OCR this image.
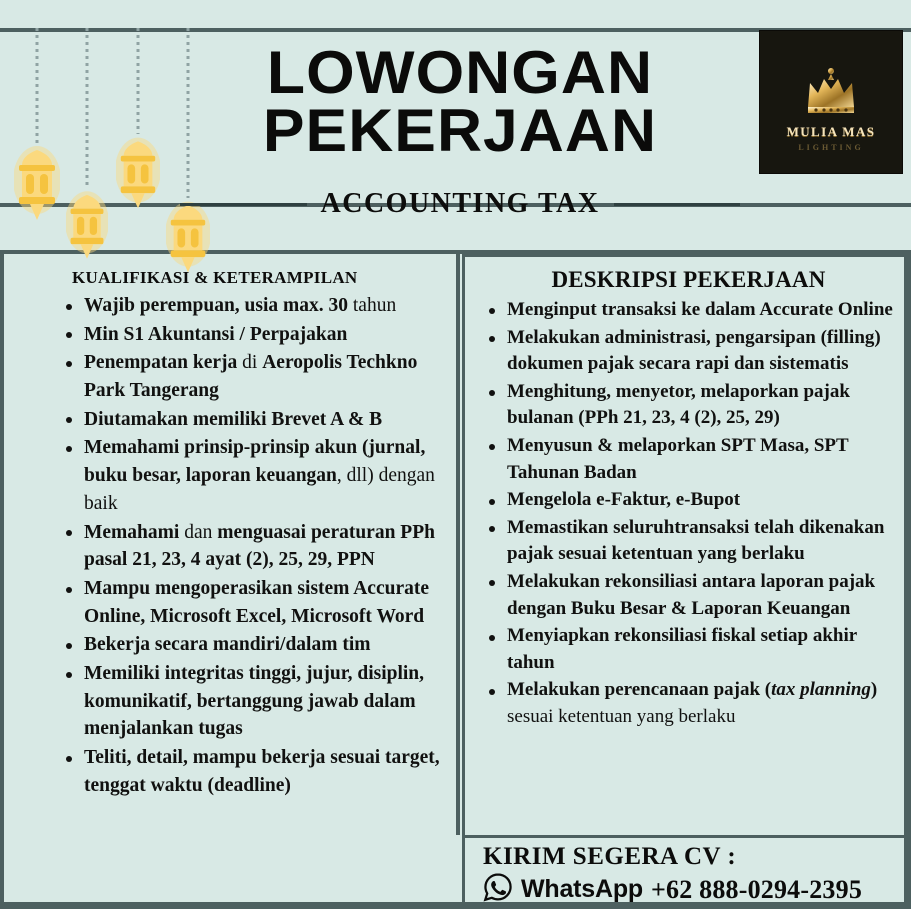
LOWONGAN
PEKERJAAN
ACCOUNTING TAX
MULIA MAS
LIGHTING
KUALIFIKASI & KETERAMPILAN
Wajib perempuan, usia max. 30 tahun
Min S1 Akuntansi / Perpajakan
Penempatan kerja di Aeropolis Techkno Park Tangerang
Diutamakan memiliki Brevet A & B
Memahami prinsip-prinsip akun (jurnal, buku besar, laporan keuangan, dll) dengan baik
Memahami dan menguasai peraturan PPh pasal 21, 23, 4 ayat (2), 25, 29, PPN
Mampu mengoperasikan sistem Accurate Online, Microsoft Excel, Microsoft Word
Bekerja secara mandiri/dalam tim
Memiliki integritas tinggi, jujur, disiplin, komunikatif, bertanggung jawab dalam menjalankan tugas
Teliti, detail, mampu bekerja sesuai target, tenggat waktu (deadline)
DESKRIPSI PEKERJAAN
Menginput transaksi ke dalam Accurate Online
Melakukan administrasi, pengarsipan (filling) dokumen pajak secara rapi dan sistematis
Menghitung, menyetor, melaporkan pajak bulanan (PPh 21, 23, 4 (2), 25, 29)
Menyusun & melaporkan SPT Masa, SPT Tahunan Badan
Mengelola e-Faktur, e-Bupot
Memastikan seluruhtransaksi telah dikenakan pajak sesuai ketentuan yang berlaku
Melakukan rekonsiliasi antara laporan pajak dengan Buku Besar & Laporan Keuangan
Menyiapkan rekonsiliasi fiskal setiap akhir tahun
Melakukan perencanaan pajak (tax planning) sesuai ketentuan yang berlaku
KIRIM SEGERA CV :
WhatsApp +62 888-0294-2395
